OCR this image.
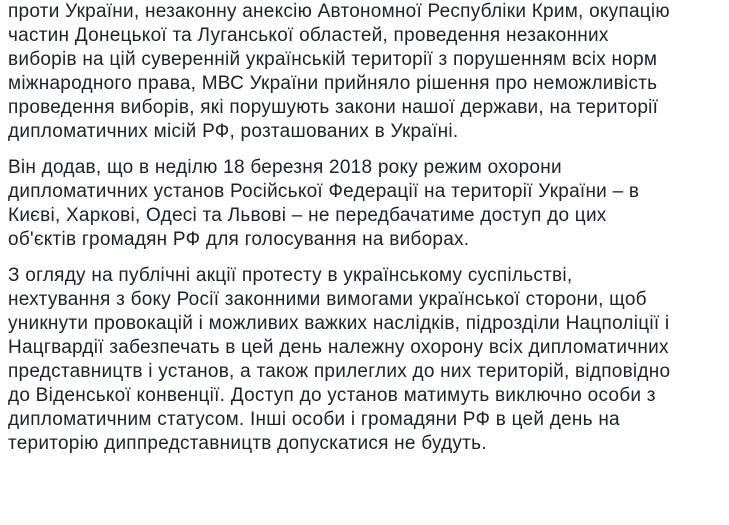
проти України, незаконну анексію Автономної Республіки Крим, окупацію
частин Донецької та Луганської областей, проведення незаконних
виборів на цій суверенній українській території з порушенням всіх норм
міжнародного права, МВС України прийняло рішення про неможливість
проведення виборів, які порушують закони нашої держави, на території
дипломатичних місій РФ, розташованих в Україні.

Він додав, що в неділю 18 березня 2018 року режим охорони
дипломатичних установ Російської Федерації на території України – в
Києві, Харкові, Одесі та Львові – не передбачатиме доступ до цих
об'єктів громадян РФ для голосування на виборах.

З огляду на публічні акції протесту в українському суспільстві,
нехтування з боку Росії законними вимогами української сторони, щоб
уникнути провокацій і можливих важких наслідків, підрозділи Нацполіції і
Нацгвардії забезпечать в цей день належну охорону всіх дипломатичних
представництв і установ, а також прилеглих до них територій, відповідно
до Віденської конвенції. Доступ до установ матимуть виключно особи з
дипломатичним статусом. Інші особи і громадяни РФ в цей день на
територію диппредставництв допускатися не будуть.
